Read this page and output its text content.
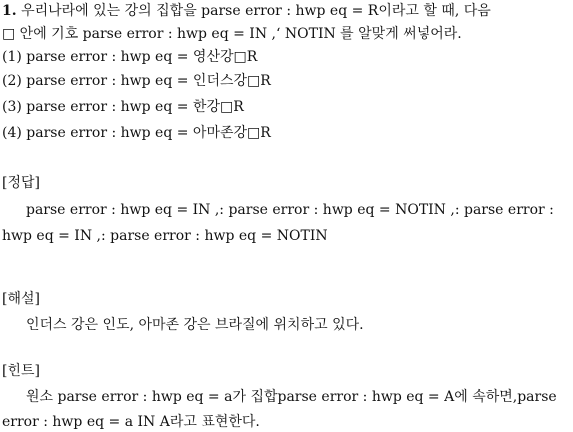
1. 우리나라에 있는 강의 집합을 parse error : hwp eq = R이라고 할 때, 다음
□ 안에 기호 parse error : hwp eq = IN ,‘ NOTIN 를 알맞게 써넣어라.
(1) parse error : hwp eq = 영산강□R
(2) parse error : hwp eq = 인더스강□R
(3) parse error : hwp eq = 한강□R
(4) parse error : hwp eq = 아마존강□R
[정답]
parse error : hwp eq = IN ,: parse error : hwp eq = NOTIN ,: parse error :
hwp eq = IN ,: parse error : hwp eq = NOTIN
[해설]
인더스 강은 인도, 아마존 강은 브라질에 위치하고 있다.
[힌트]
원소 parse error : hwp eq = a가 집합parse error : hwp eq = A에 속하면,parse
error : hwp eq = a IN A라고 표현한다.
